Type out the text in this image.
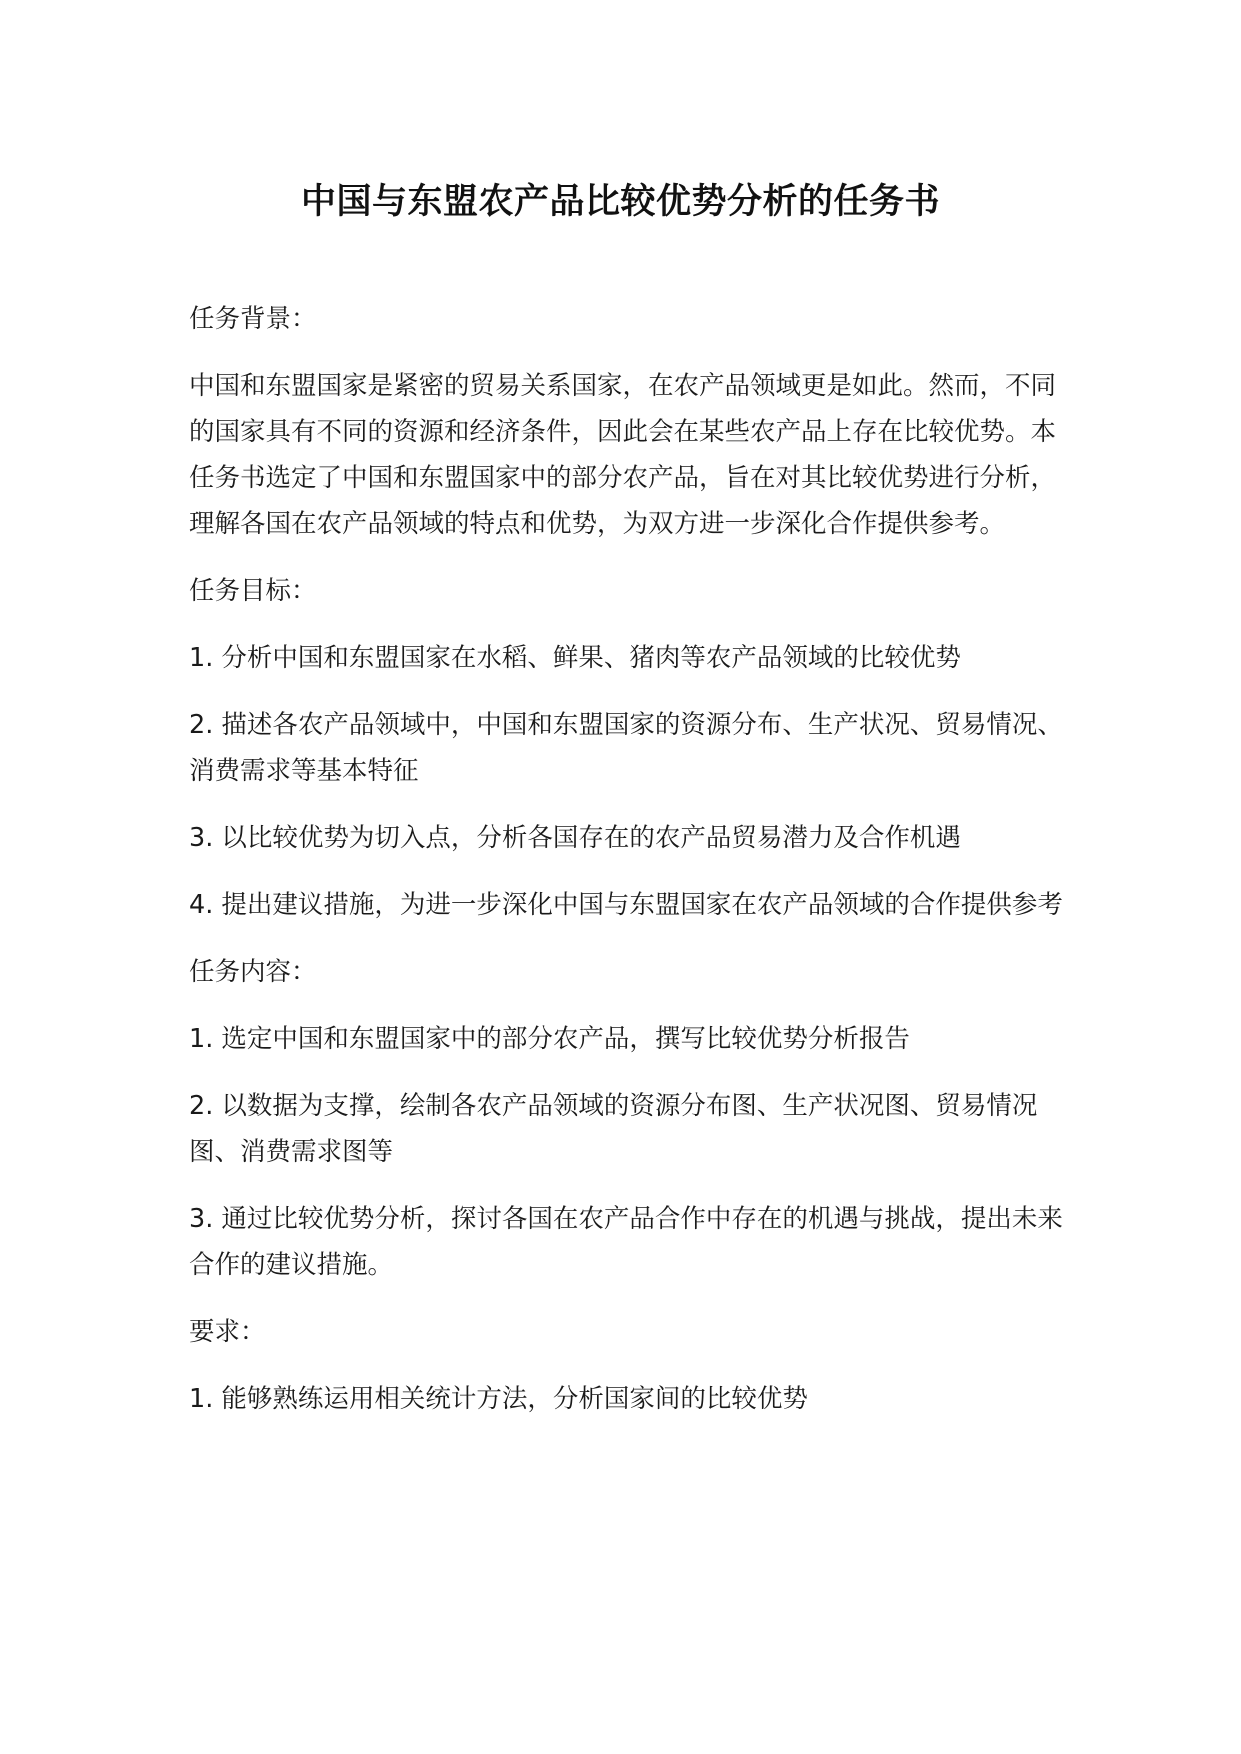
中国与东盟农产品比较优势分析的任务书

任务背景：

中国和东盟国家是紧密的贸易关系国家，在农产品领域更是如此。然而，不同的国家具有不同的资源和经济条件，因此会在某些农产品上存在比较优势。本任务书选定了中国和东盟国家中的部分农产品，旨在对其比较优势进行分析，理解各国在农产品领域的特点和优势，为双方进一步深化合作提供参考。

任务目标：

1. 分析中国和东盟国家在水稻、鲜果、猪肉等农产品领域的比较优势

2. 描述各农产品领域中，中国和东盟国家的资源分布、生产状况、贸易情况、消费需求等基本特征

3. 以比较优势为切入点，分析各国存在的农产品贸易潜力及合作机遇

4. 提出建议措施，为进一步深化中国与东盟国家在农产品领域的合作提供参考

任务内容：

1. 选定中国和东盟国家中的部分农产品，撰写比较优势分析报告

2. 以数据为支撑，绘制各农产品领域的资源分布图、生产状况图、贸易情况图、消费需求图等

3. 通过比较优势分析，探讨各国在农产品合作中存在的机遇与挑战，提出未来合作的建议措施。

要求：

1. 能够熟练运用相关统计方法，分析国家间的比较优势
